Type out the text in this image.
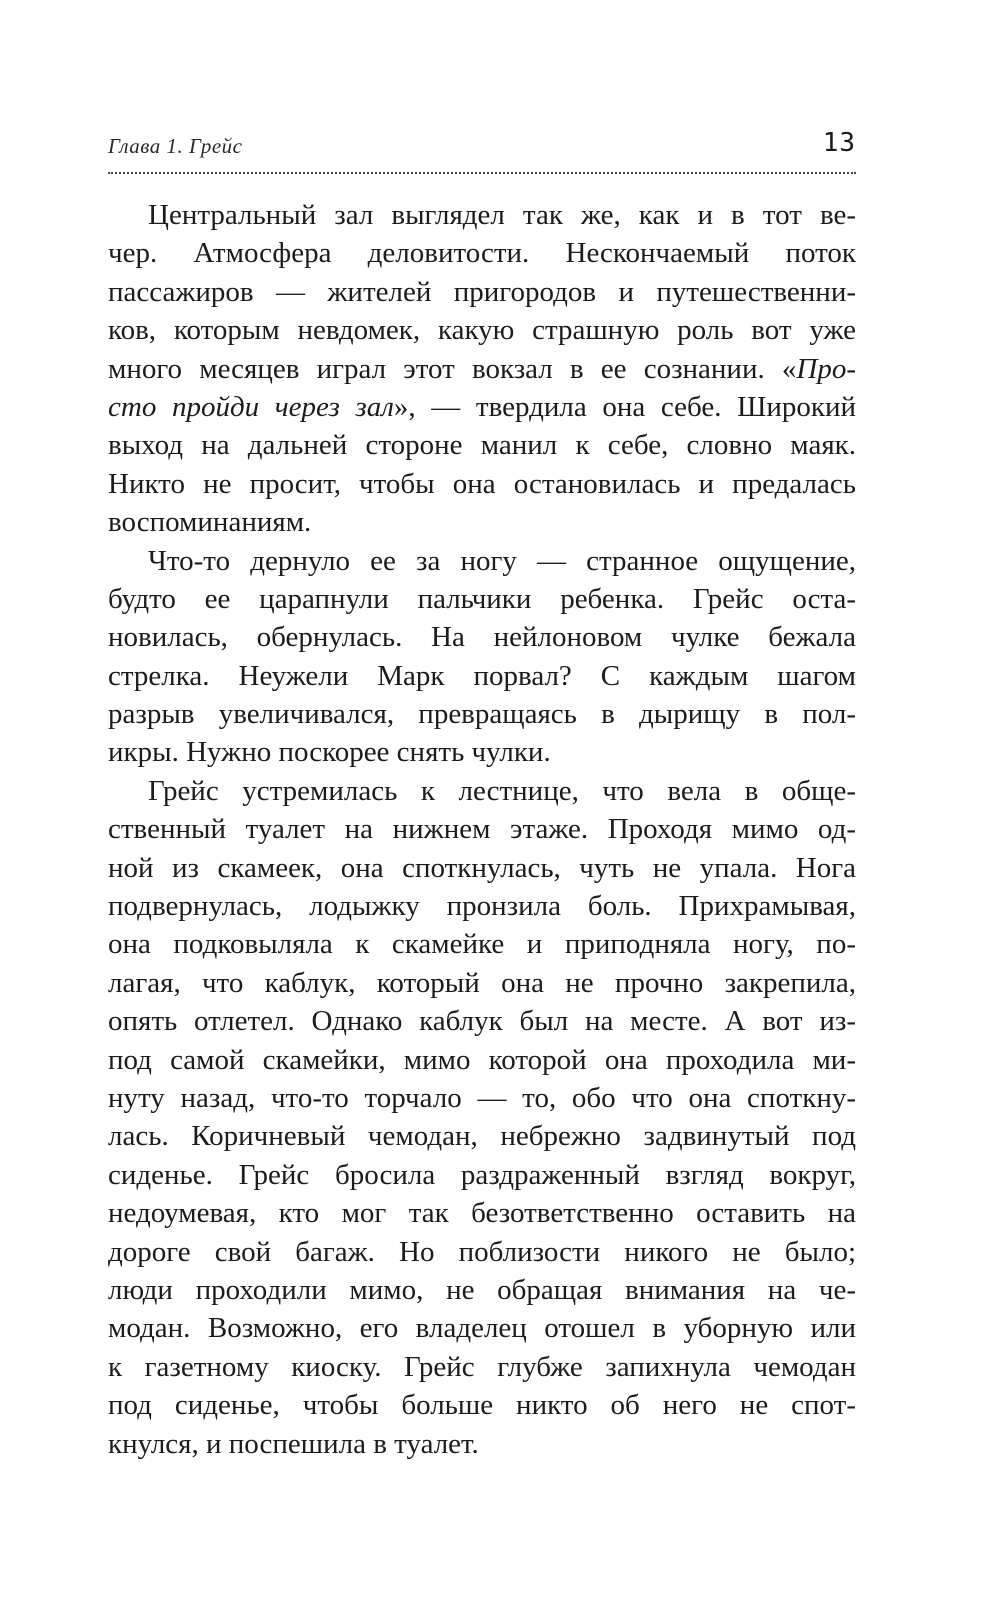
Глава 1. Грейс	13
Центральный зал выглядел так же, как и в тот ве-
чер. Атмосфера деловитости. Нескончаемый поток
пассажиров — жителей пригородов и путешественни-
ков, которым невдомек, какую страшную роль вот уже
много месяцев играл этот вокзал в ее сознании. «Про-
сто пройди через зал», — твердила она себе. Широкий
выход на дальней стороне манил к себе, словно маяк.
Никто не просит, чтобы она остановилась и предалась
воспоминаниям.
Что-то дернуло ее за ногу — странное ощущение,
будто ее царапнули пальчики ребенка. Грейс оста-
новилась, обернулась. На нейлоновом чулке бежала
стрелка. Неужели Марк порвал? С каждым шагом
разрыв увеличивался, превращаясь в дырищу в пол-
икры. Нужно поскорее снять чулки.
Грейс устремилась к лестнице, что вела в обще-
ственный туалет на нижнем этаже. Проходя мимо од-
ной из скамеек, она споткнулась, чуть не упала. Нога
подвернулась, лодыжку пронзила боль. Прихрамывая,
она подковыляла к скамейке и приподняла ногу, по-
лагая, что каблук, который она не прочно закрепила,
опять отлетел. Однако каблук был на месте. А вот из-
под самой скамейки, мимо которой она проходила ми-
нуту назад, что-то торчало — то, обо что она споткну-
лась. Коричневый чемодан, небрежно задвинутый под
сиденье. Грейс бросила раздраженный взгляд вокруг,
недоумевая, кто мог так безответственно оставить на
дороге свой багаж. Но поблизости никого не было;
люди проходили мимо, не обращая внимания на че-
модан. Возможно, его владелец отошел в уборную или
к газетному киоску. Грейс глубже запихнула чемодан
под сиденье, чтобы больше никто об него не спот-
кнулся, и поспешила в туалет.
